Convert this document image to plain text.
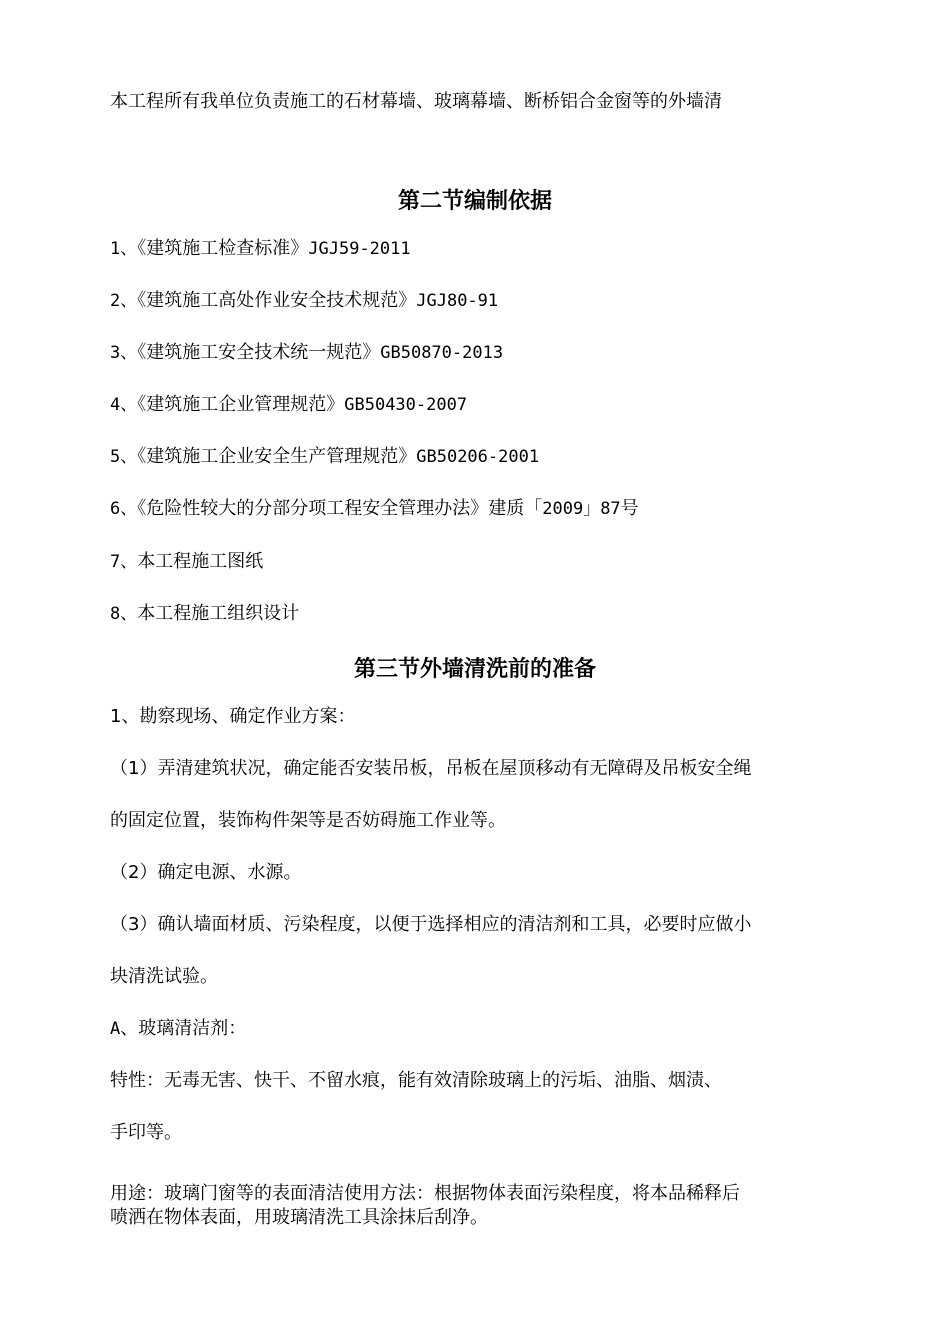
本工程所有我单位负责施工的石材幕墙、玻璃幕墙、断桥铝合金窗等的外墙清
第二节编制依据
1、《建筑施工检查标准》JGJ59-2011
2、《建筑施工高处作业安全技术规范》JGJ80-91
3、《建筑施工安全技术统一规范》GB50870-2013
4、《建筑施工企业管理规范》GB50430-2007
5、《建筑施工企业安全生产管理规范》GB50206-2001
6、《危险性较大的分部分项工程安全管理办法》建质「2009」87号
7、本工程施工图纸
8、本工程施工组织设计
第三节外墙清洗前的准备
1、勘察现场、确定作业方案：
（1）弄清建筑状况，确定能否安装吊板，吊板在屋顶移动有无障碍及吊板安全绳
的固定位置，装饰构件架等是否妨碍施工作业等。
（2）确定电源、水源。
（3）确认墙面材质、污染程度，以便于选择相应的清洁剂和工具，必要时应做小
块清洗试验。
A、玻璃清洁剂：
特性：无毒无害、快干、不留水痕，能有效清除玻璃上的污垢、油脂、烟渍、
手印等。
用途：玻璃门窗等的表面清洁使用方法：根据物体表面污染程度，将本品稀释后
喷洒在物体表面，用玻璃清洗工具涂抹后刮净。
